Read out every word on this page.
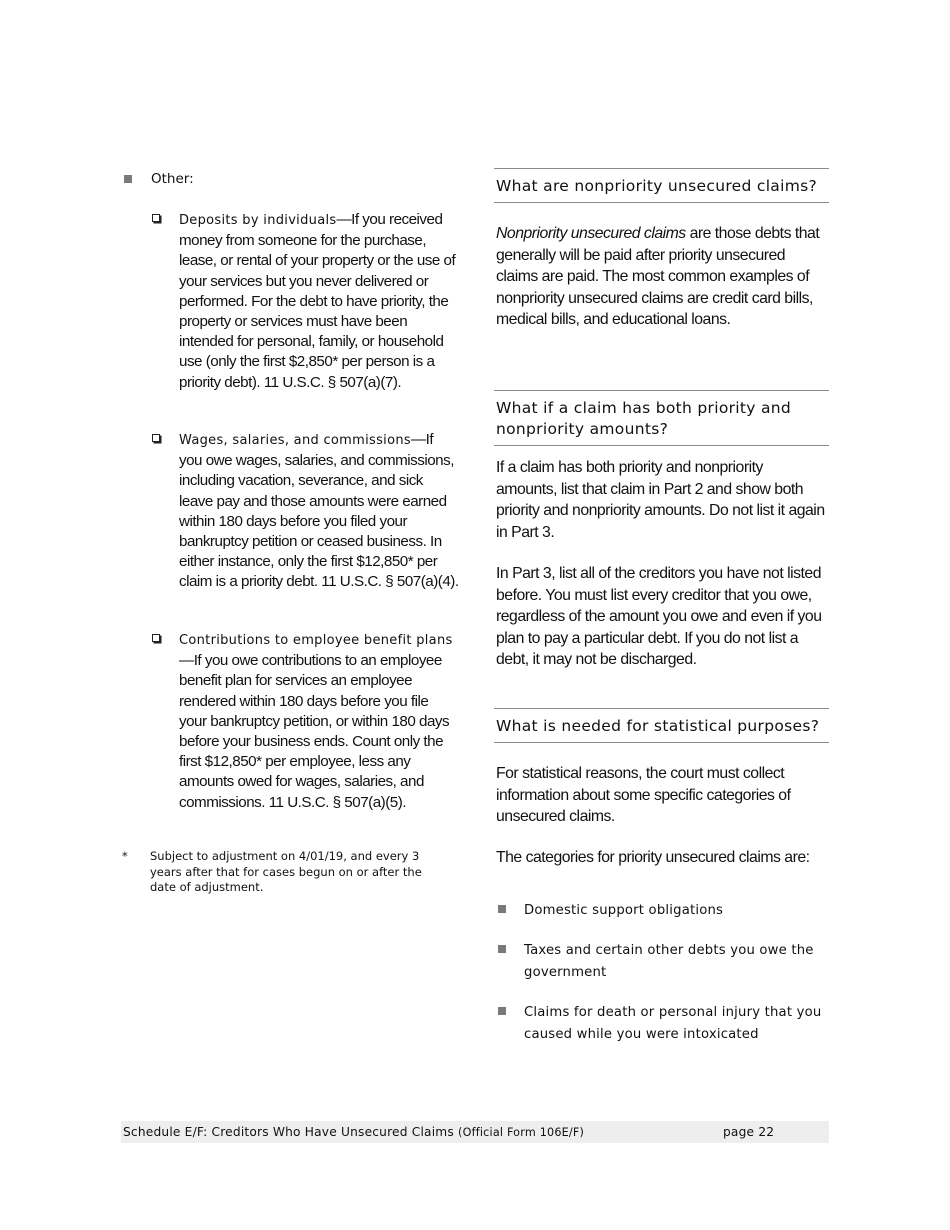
Other:
Deposits by individuals—If you received money from someone for the purchase, lease, or rental of your property or the use of your services but you never delivered or performed. For the debt to have priority, the property or services must have been intended for personal, family, or household use (only the first $2,850* per person is a priority debt). 11 U.S.C. § 507(a)(7).
Wages, salaries, and commissions—If you owe wages, salaries, and commissions, including vacation, severance, and sick leave pay and those amounts were earned within 180 days before you filed your bankruptcy petition or ceased business. In either instance, only the first $12,850* per claim is a priority debt. 11 U.S.C. § 507(a)(4).
Contributions to employee benefit plans—If you owe contributions to an employee benefit plan for services an employee rendered within 180 days before you file your bankruptcy petition, or within 180 days before your business ends. Count only the first $12,850* per employee, less any amounts owed for wages, salaries, and commissions. 11 U.S.C. § 507(a)(5).
* Subject to adjustment on 4/01/19, and every 3 years after that for cases begun on or after the date of adjustment.
What are nonpriority unsecured claims?
Nonpriority unsecured claims are those debts that generally will be paid after priority unsecured claims are paid. The most common examples of nonpriority unsecured claims are credit card bills, medical bills, and educational loans.
What if a claim has both priority and nonpriority amounts?
If a claim has both priority and nonpriority amounts, list that claim in Part 2 and show both priority and nonpriority amounts. Do not list it again in Part 3.
In Part 3, list all of the creditors you have not listed before. You must list every creditor that you owe, regardless of the amount you owe and even if you plan to pay a particular debt. If you do not list a debt, it may not be discharged.
What is needed for statistical purposes?
For statistical reasons, the court must collect information about some specific categories of unsecured claims.
The categories for priority unsecured claims are:
Domestic support obligations
Taxes and certain other debts you owe the government
Claims for death or personal injury that you caused while you were intoxicated
Schedule E/F: Creditors Who Have Unsecured Claims (Official Form 106E/F)	page 22
